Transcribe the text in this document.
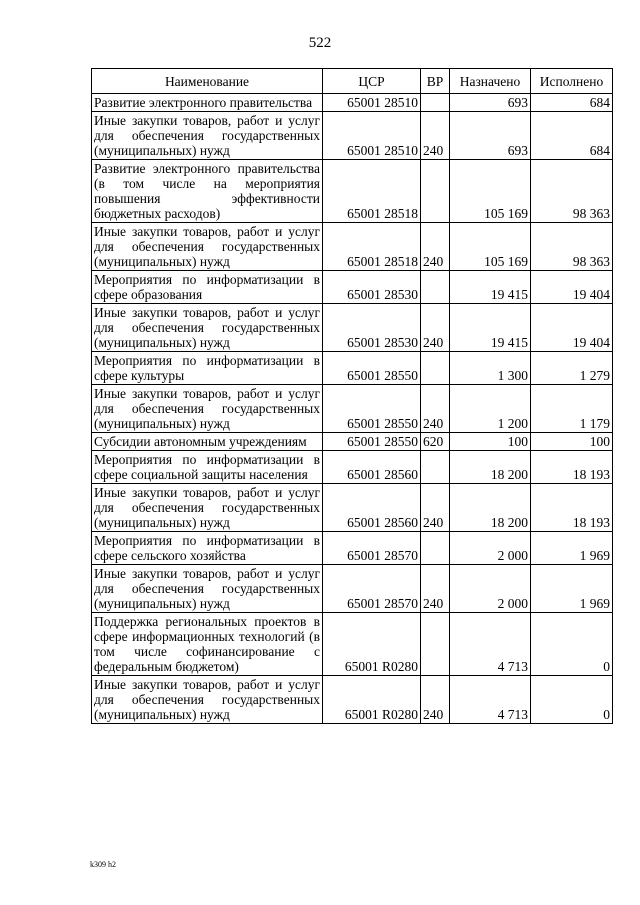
522
Наименование	ЦСР	ВР	Назначено	Исполнено
Развитие электронного правительства	65001 28510		693	684
Иные закупки товаров, работ и услуг для обеспечения государственных (муниципальных) нужд	65001 28510	240	693	684
Развитие электронного правительства (в том числе на мероприятия повышения эффективности бюджетных расходов)	65001 28518		105 169	98 363
Иные закупки товаров, работ и услуг для обеспечения государственных (муниципальных) нужд	65001 28518	240	105 169	98 363
Мероприятия по информатизации в сфере образования	65001 28530		19 415	19 404
Иные закупки товаров, работ и услуг для обеспечения государственных (муниципальных) нужд	65001 28530	240	19 415	19 404
Мероприятия по информатизации в сфере культуры	65001 28550		1 300	1 279
Иные закупки товаров, работ и услуг для обеспечения государственных (муниципальных) нужд	65001 28550	240	1 200	1 179
Субсидии автономным учреждениям	65001 28550	620	100	100
Мероприятия по информатизации в сфере социальной защиты населения	65001 28560		18 200	18 193
Иные закупки товаров, работ и услуг для обеспечения государственных (муниципальных) нужд	65001 28560	240	18 200	18 193
Мероприятия по информатизации в сфере сельского хозяйства	65001 28570		2 000	1 969
Иные закупки товаров, работ и услуг для обеспечения государственных (муниципальных) нужд	65001 28570	240	2 000	1 969
Поддержка региональных проектов в сфере информационных технологий (в том числе софинансирование с федеральным бюджетом)	65001 R0280		4 713	0
Иные закупки товаров, работ и услуг для обеспечения государственных (муниципальных) нужд	65001 R0280	240	4 713	0
k309 h2
